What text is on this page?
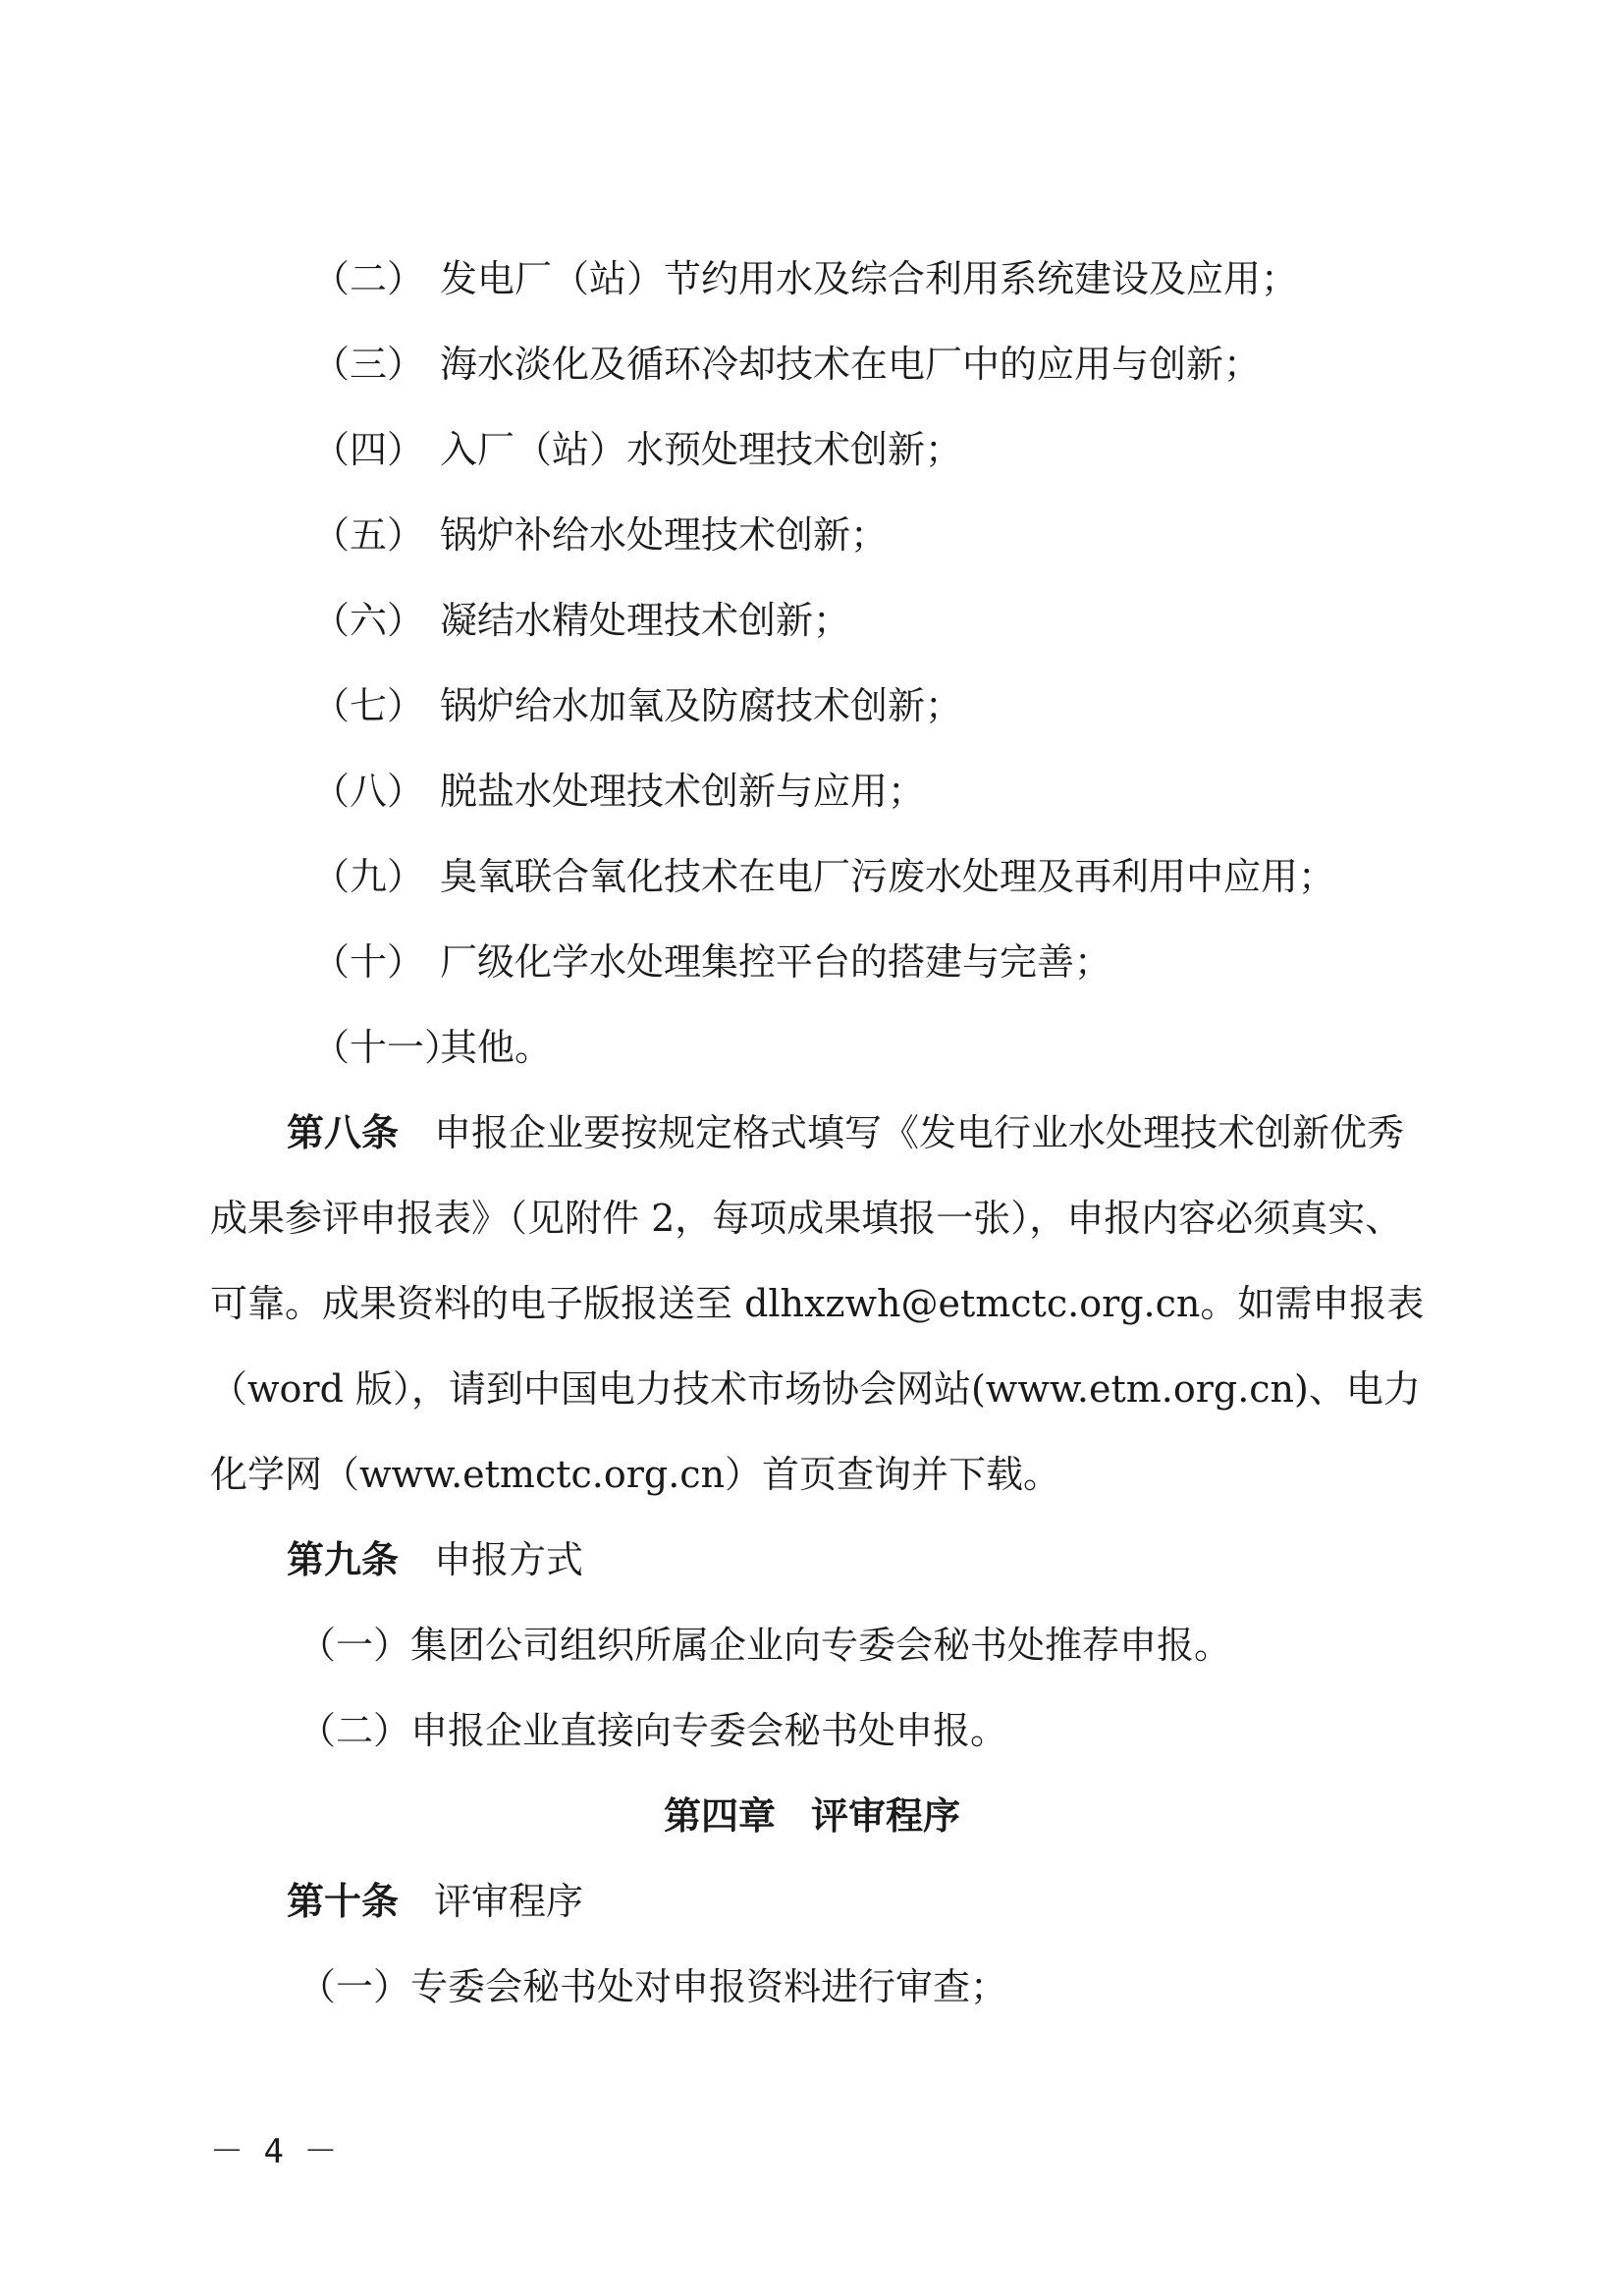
（二） 发电厂（站）节约用水及综合利用系统建设及应用；
（三） 海水淡化及循环冷却技术在电厂中的应用与创新；
（四） 入厂（站）水预处理技术创新；
（五） 锅炉补给水处理技术创新；
（六） 凝结水精处理技术创新；
（七） 锅炉给水加氧及防腐技术创新；
（八） 脱盐水处理技术创新与应用；
（九） 臭氧联合氧化技术在电厂污废水处理及再利用中应用；
（十） 厂级化学水处理集控平台的搭建与完善；
（十一）
其他。
第八条 申报企业要按规定格式填写《发电行业水处理技术创新优秀
成果参评申报表》（见附件 2，每项成果填报一张），申报内容必须真实、
可靠。成果资料的电子版报送至 dlhxzwh@etmctc.org.cn。如需申报表
（word 版），请到中国电力技术市场协会网站(www.etm.org.cn)、电力
化学网（www.etmctc.org.cn）首页查询并下载。
第九条 申报方式
（一）集团公司组织所属企业向专委会秘书处推荐申报。
（二）申报企业直接向专委会秘书处申报。
第四章 评审程序
第十条 评审程序
（一）专委会秘书处对申报资料进行审查；
－ 4 －
